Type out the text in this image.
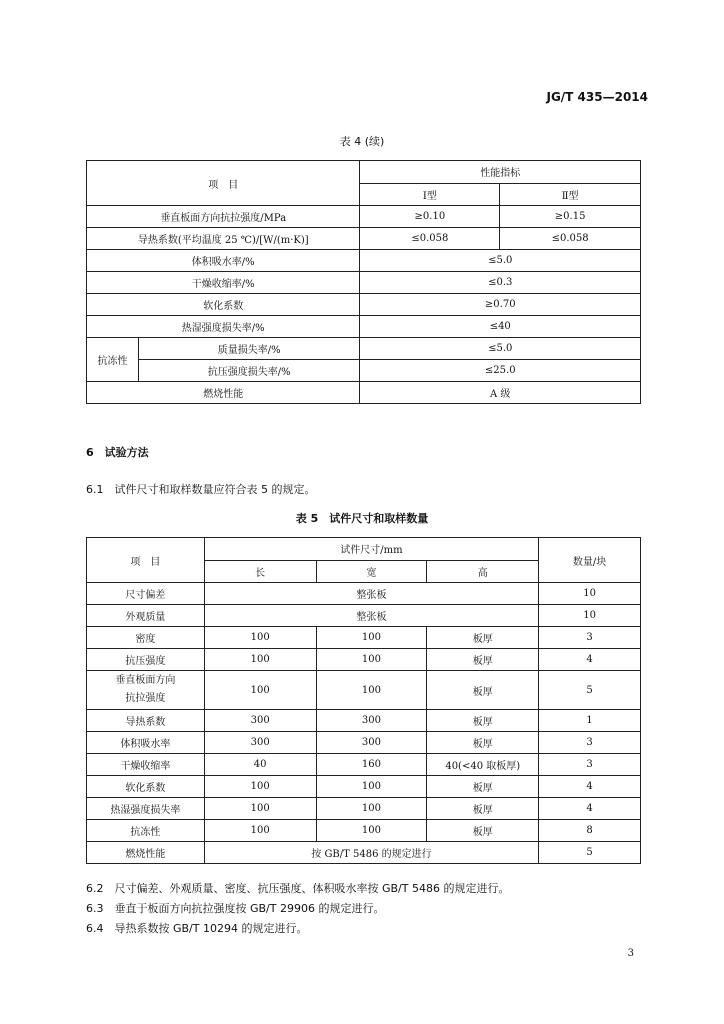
JG/T 435—2014
表 4 (续)
项　目		性能指标	
		Ⅰ型	Ⅱ型
垂直板面方向抗拉强度/MPa		≥0.10	≥0.15
导热系数(平均温度 25 ℃)/[W/(m·K)]		≤0.058	≤0.058
体积吸水率/%		≤5.0	
干燥收缩率/%		≤0.3	
软化系数		≥0.70	
热湿强度损失率/%		≤40	
抗冻性	质量损失率/%	≤5.0	
	抗压强度损失率/%	≤25.0	
燃烧性能		A 级	
6　试验方法
6.1　试件尺寸和取样数量应符合表 5 的规定。
表 5　试件尺寸和取样数量
项　目	试件尺寸/mm			数量/块
	长	宽	高	
尺寸偏差	整张板			10
外观质量	整张板			10
密度	100	100	板厚	3
抗压强度	100	100	板厚	4

垂直板面方向
抗拉强度	100	100	板厚	5
导热系数	300	300	板厚	1
体积吸水率	300	300	板厚	3
干燥收缩率	40	160	40(<40 取板厚)	3
软化系数	100	100	板厚	4
热湿强度损失率	100	100	板厚	4
抗冻性	100	100	板厚	8
燃烧性能	按 GB/T 5486 的规定进行			5
6.2　尺寸偏差、外观质量、密度、抗压强度、体积吸水率按 GB/T 5486 的规定进行。
6.3　垂直于板面方向抗拉强度按 GB/T 29906 的规定进行。
6.4　导热系数按 GB/T 10294 的规定进行。
3
